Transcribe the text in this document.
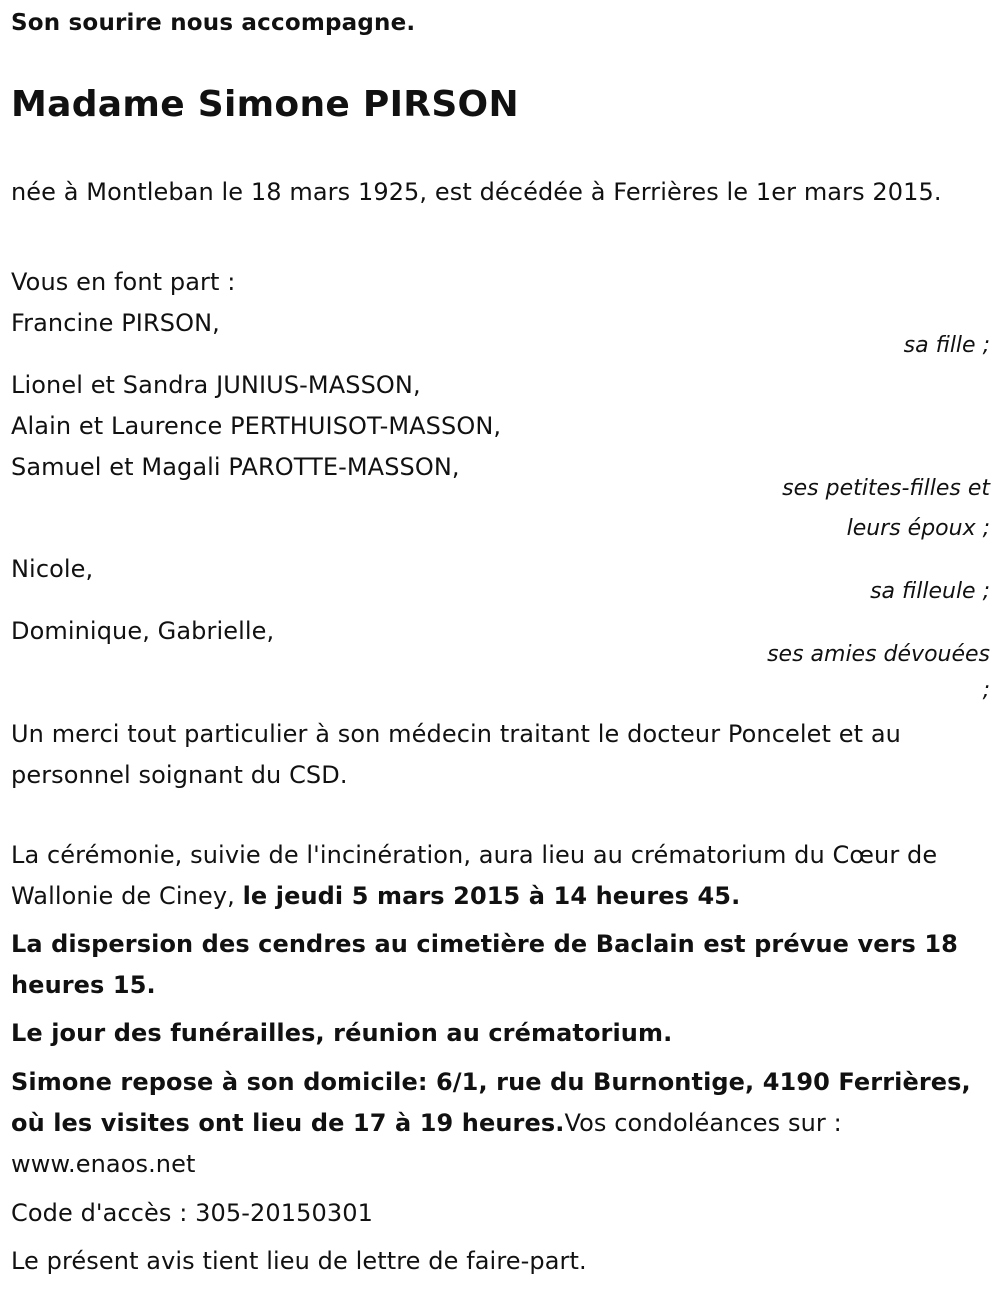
Son sourire nous accompagne.
Madame Simone PIRSON
née à Montleban le 18 mars 1925, est décédée à Ferrières le 1er mars 2015.
Vous en font part :
Francine PIRSON,
sa fille ;
Lionel et Sandra JUNIUS-MASSON,
Alain et Laurence PERTHUISOT-MASSON,
Samuel et Magali PAROTTE-MASSON,
ses petites-filles et
leurs époux ;
Nicole,
sa filleule ;
Dominique, Gabrielle,
ses amies dévouées
;
Un merci tout particulier à son médecin traitant le docteur Poncelet et au personnel soignant du CSD.
La cérémonie, suivie de l'incinération, aura lieu au crématorium du Cœur de Wallonie de Ciney, le jeudi 5 mars 2015 à 14 heures 45.
La dispersion des cendres au cimetière de Baclain est prévue vers 18 heures 15.
Le jour des funérailles, réunion au crématorium.
Simone repose à son domicile: 6/1, rue du Burnontige, 4190 Ferrières, où les visites ont lieu de 17 à 19 heures.Vos condoléances sur : www.enaos.net
Code d'accès : 305-20150301
Le présent avis tient lieu de lettre de faire-part.
